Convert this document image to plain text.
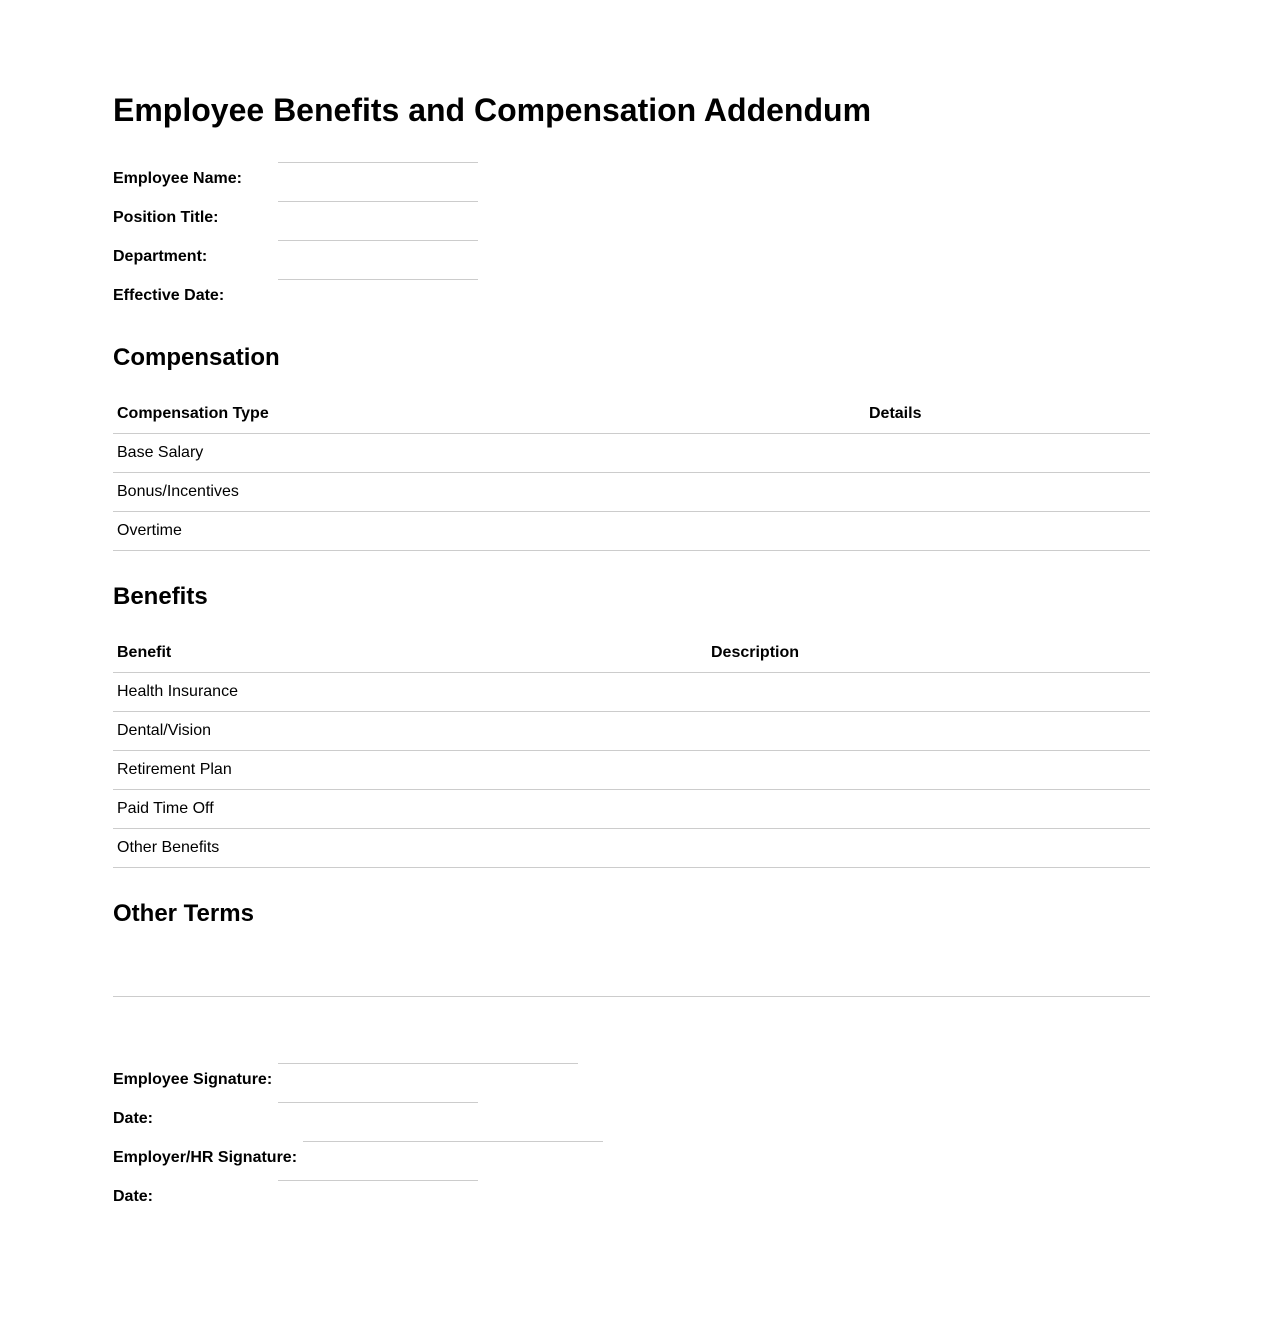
Employee Benefits and Compensation Addendum
Employee Name:
Position Title:
Department:
Effective Date:
Compensation
Compensation Type	Details
Base Salary	
Bonus/Incentives	
Overtime	
Benefits
Benefit	Description
Health Insurance	
Dental/Vision	
Retirement Plan	
Paid Time Off	
Other Benefits	
Other Terms
Employee Signature:
Date:
Employer/HR Signature:
Date:
